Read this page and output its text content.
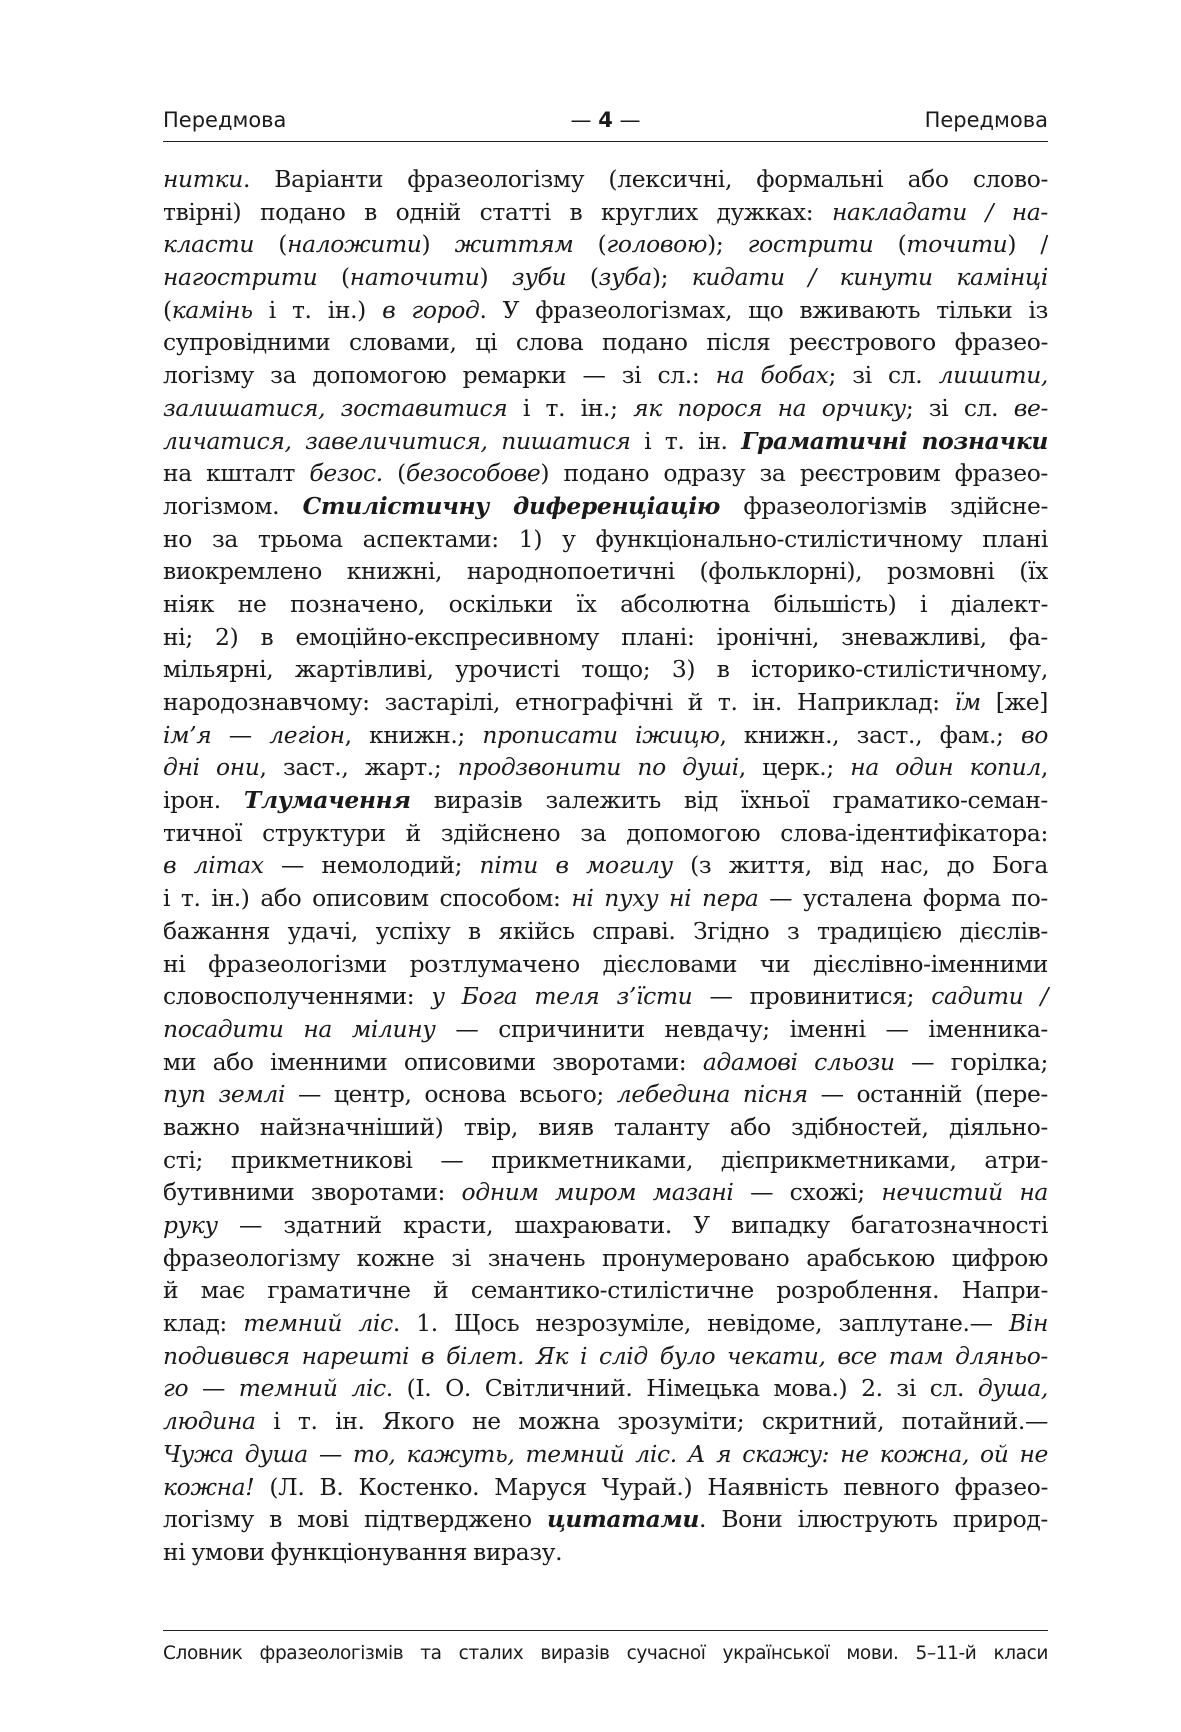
Передмова	— 4 —	Передмова
нитки. Варіанти фразеологізму (лексичні, формальні або слово-
твірні) подано в одній статті в круглих дужках: накладати / на-
класти (наложити) життям (головою); гострити (точити) /
нагострити (наточити) зуби (зуба); кидати / кинути камінці
(камінь і т. ін.) в город. У фразеологізмах, що вживають тільки із
супровідними словами, ці слова подано після реєстрового фразео-
логізму за допомогою ремарки — зі сл.: на бобах; зі сл. лишити,
залишатися, зоставитися і т. ін.; як порося на орчику; зі сл. ве-
личатися, завеличитися, пишатися і т. ін. Граматичні позначки
на кшталт безос. (безособове) подано одразу за реєстровим фразео-
логізмом. Стилістичну диференціацію фразеологізмів здійсне-
но за трьома аспектами: 1) у функціонально-стилістичному плані
виокремлено книжні, народнопоетичні (фольклорні), розмовні (їх
ніяк не позначено, оскільки їх абсолютна більшість) і діалект-
ні; 2) в емоційно-експресивному плані: іронічні, зневажливі, фа-
мільярні, жартівливі, урочисті тощо; 3) в історико-стилістичному,
народознавчому: застарілі, етнографічні й т. ін. Наприклад: їм [же]
ім’я — легіон, книжн.; прописати іжицю, книжн., заст., фам.; во
дні они, заст., жарт.; продзвонити по душі, церк.; на один копил,
ірон. Тлумачення виразів залежить від їхньої граматико-семан-
тичної структури й здійснено за допомогою слова-ідентифікатора:
в літах — немолодий; піти в могилу (з життя, від нас, до Бога
і т. ін.) або описовим способом: ні пуху ні пера — усталена форма по-
бажання удачі, успіху в якійсь справі. Згідно з традицією дієслів-
ні фразеологізми розтлумачено дієсловами чи дієслівно-іменними
словосполученнями: у Бога теля з’їсти — провинитися; садити /
посадити на мілину — спричинити невдачу; іменні — іменника-
ми або іменними описовими зворотами: адамові сльози — горілка;
пуп землі — центр, основа всього; лебедина пісня — останній (пере-
важно найзначніший) твір, вияв таланту або здібностей, діяльно-
сті; прикметникові — прикметниками, дієприкметниками, атри-
бутивними зворотами: одним миром мазані — схожі; нечистий на
руку — здатний красти, шахраювати. У випадку багатозначності
фразеологізму кожне зі значень пронумеровано арабською цифрою
й має граматичне й семантико-стилістичне розроблення. Напри-
клад: темний ліс. 1. Щось незрозуміле, невідоме, заплутане.— Він
подивився нарешті в білет. Як і слід було чекати, все там дляньо-
го — темний ліс. (І. О. Світличний. Німецька мова.) 2. зі сл. душа,
людина і т. ін. Якого не можна зрозуміти; скритний, потайний.—
Чужа душа — то, кажуть, темний ліс. А я скажу: не кожна, ой не
кожна! (Л. В. Костенко. Маруся Чурай.) Наявність певного фразео-
логізму в мові підтверджено цитатами. Вони ілюструють природ-
ні умови функціонування виразу.
Словник фразеологізмів та сталих виразів сучасної української мови. 5–11-й класи
